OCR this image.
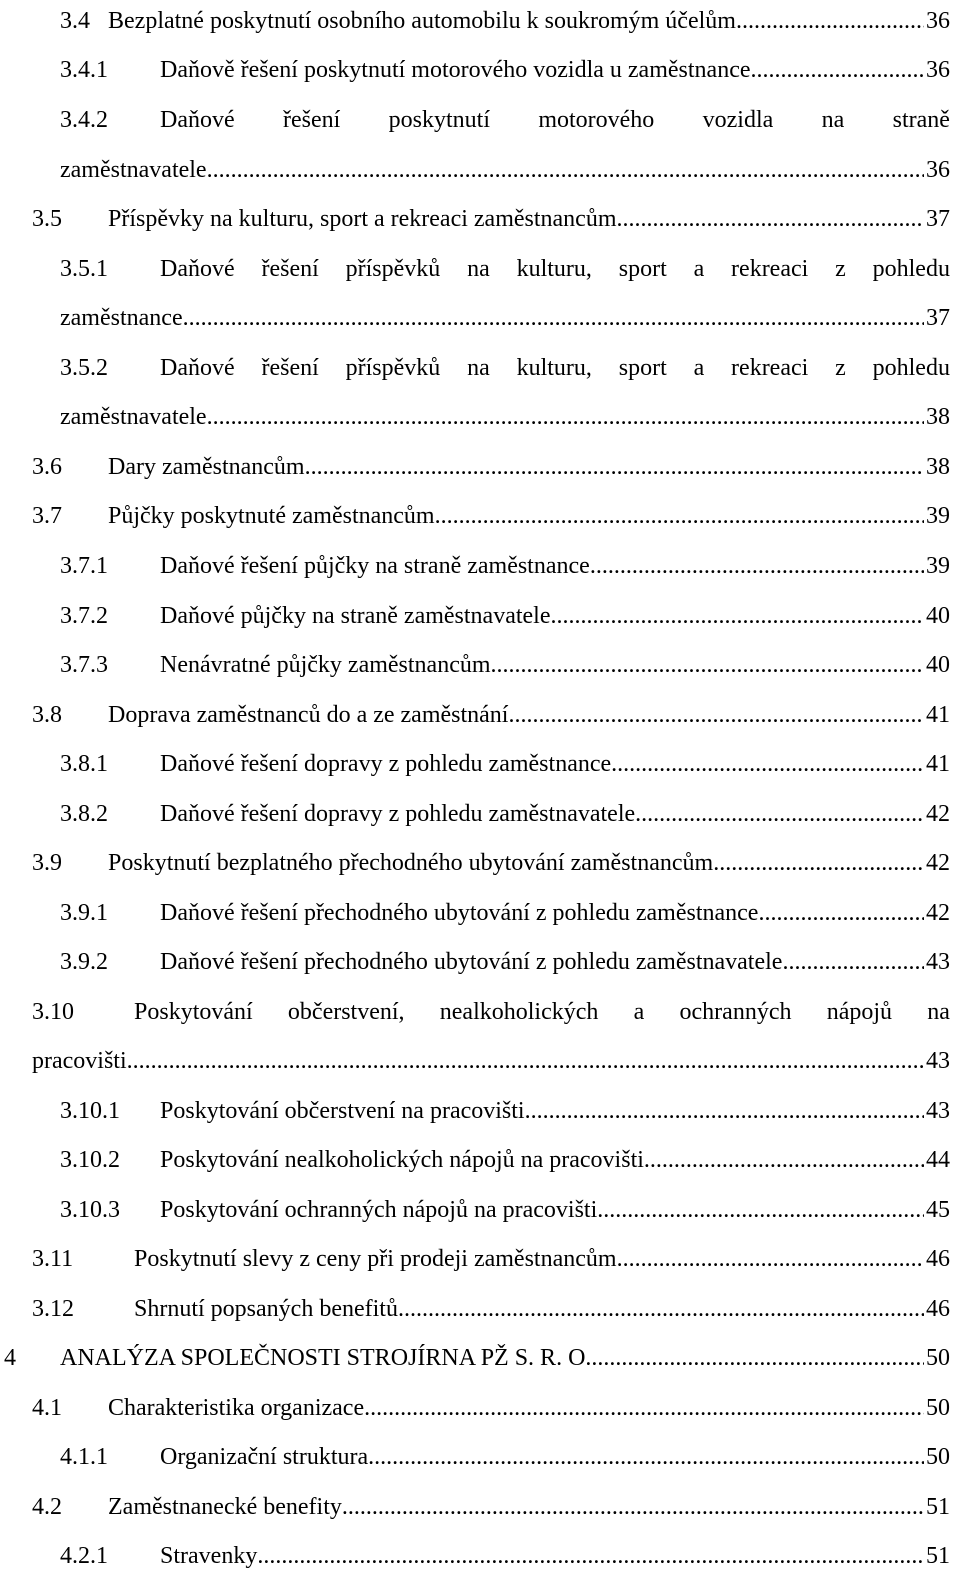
3.4 Bezplatné poskytnutí osobního automobilu k soukromým účelům .....	36
3.4.1 Daňově řešení poskytnutí motorového vozidla u zaměstnance .....	36
3.4.2 Daňové řešení poskytnutí motorového vozidla na straně
zaměstnavatele .....	36
3.5 Příspěvky na kulturu, sport a rekreaci zaměstnancům .....	37
3.5.1 Daňové řešení příspěvků na kulturu, sport a rekreaci z pohledu
zaměstnance .....	37
3.5.2 Daňové řešení příspěvků na kulturu, sport a rekreaci z pohledu
zaměstnavatele .....	38
3.6 Dary zaměstnancům .....	38
3.7 Půjčky poskytnuté zaměstnancům .....	39
3.7.1 Daňové řešení půjčky na straně zaměstnance .....	39
3.7.2 Daňové půjčky na straně zaměstnavatele .....	40
3.7.3 Nenávratné půjčky zaměstnancům .....	40
3.8 Doprava zaměstnanců do a ze zaměstnání .....	41
3.8.1 Daňové řešení dopravy z pohledu zaměstnance .....	41
3.8.2 Daňové řešení dopravy z pohledu zaměstnavatele .....	42
3.9 Poskytnutí bezplatného přechodného ubytování zaměstnancům .....	42
3.9.1 Daňové řešení přechodného ubytování z pohledu zaměstnance .....	42
3.9.2 Daňové řešení přechodného ubytování z pohledu zaměstnavatele .....	43
3.10	Poskytování občerstvení, nealkoholických a ochranných nápojů na
pracovišti .....	43
3.10.1 Poskytování občerstvení na pracovišti .....	43
3.10.2 Poskytování nealkoholických nápojů na pracovišti .....	44
3.10.3 Poskytování ochranných nápojů na pracovišti .....	45
3.11	Poskytnutí slevy z ceny při prodeji zaměstnancům .....	46
3.12	Shrnutí popsaných benefitů .....	46
4 ANALÝZA SPOLEČNOSTI STROJÍRNA PŽ S. R. O. .....	50
4.1 Charakteristika organizace .....	50
4.1.1 Organizační struktura .....	50
4.2 Zaměstnanecké benefity .....	51
4.2.1 Stravenky .....	51
